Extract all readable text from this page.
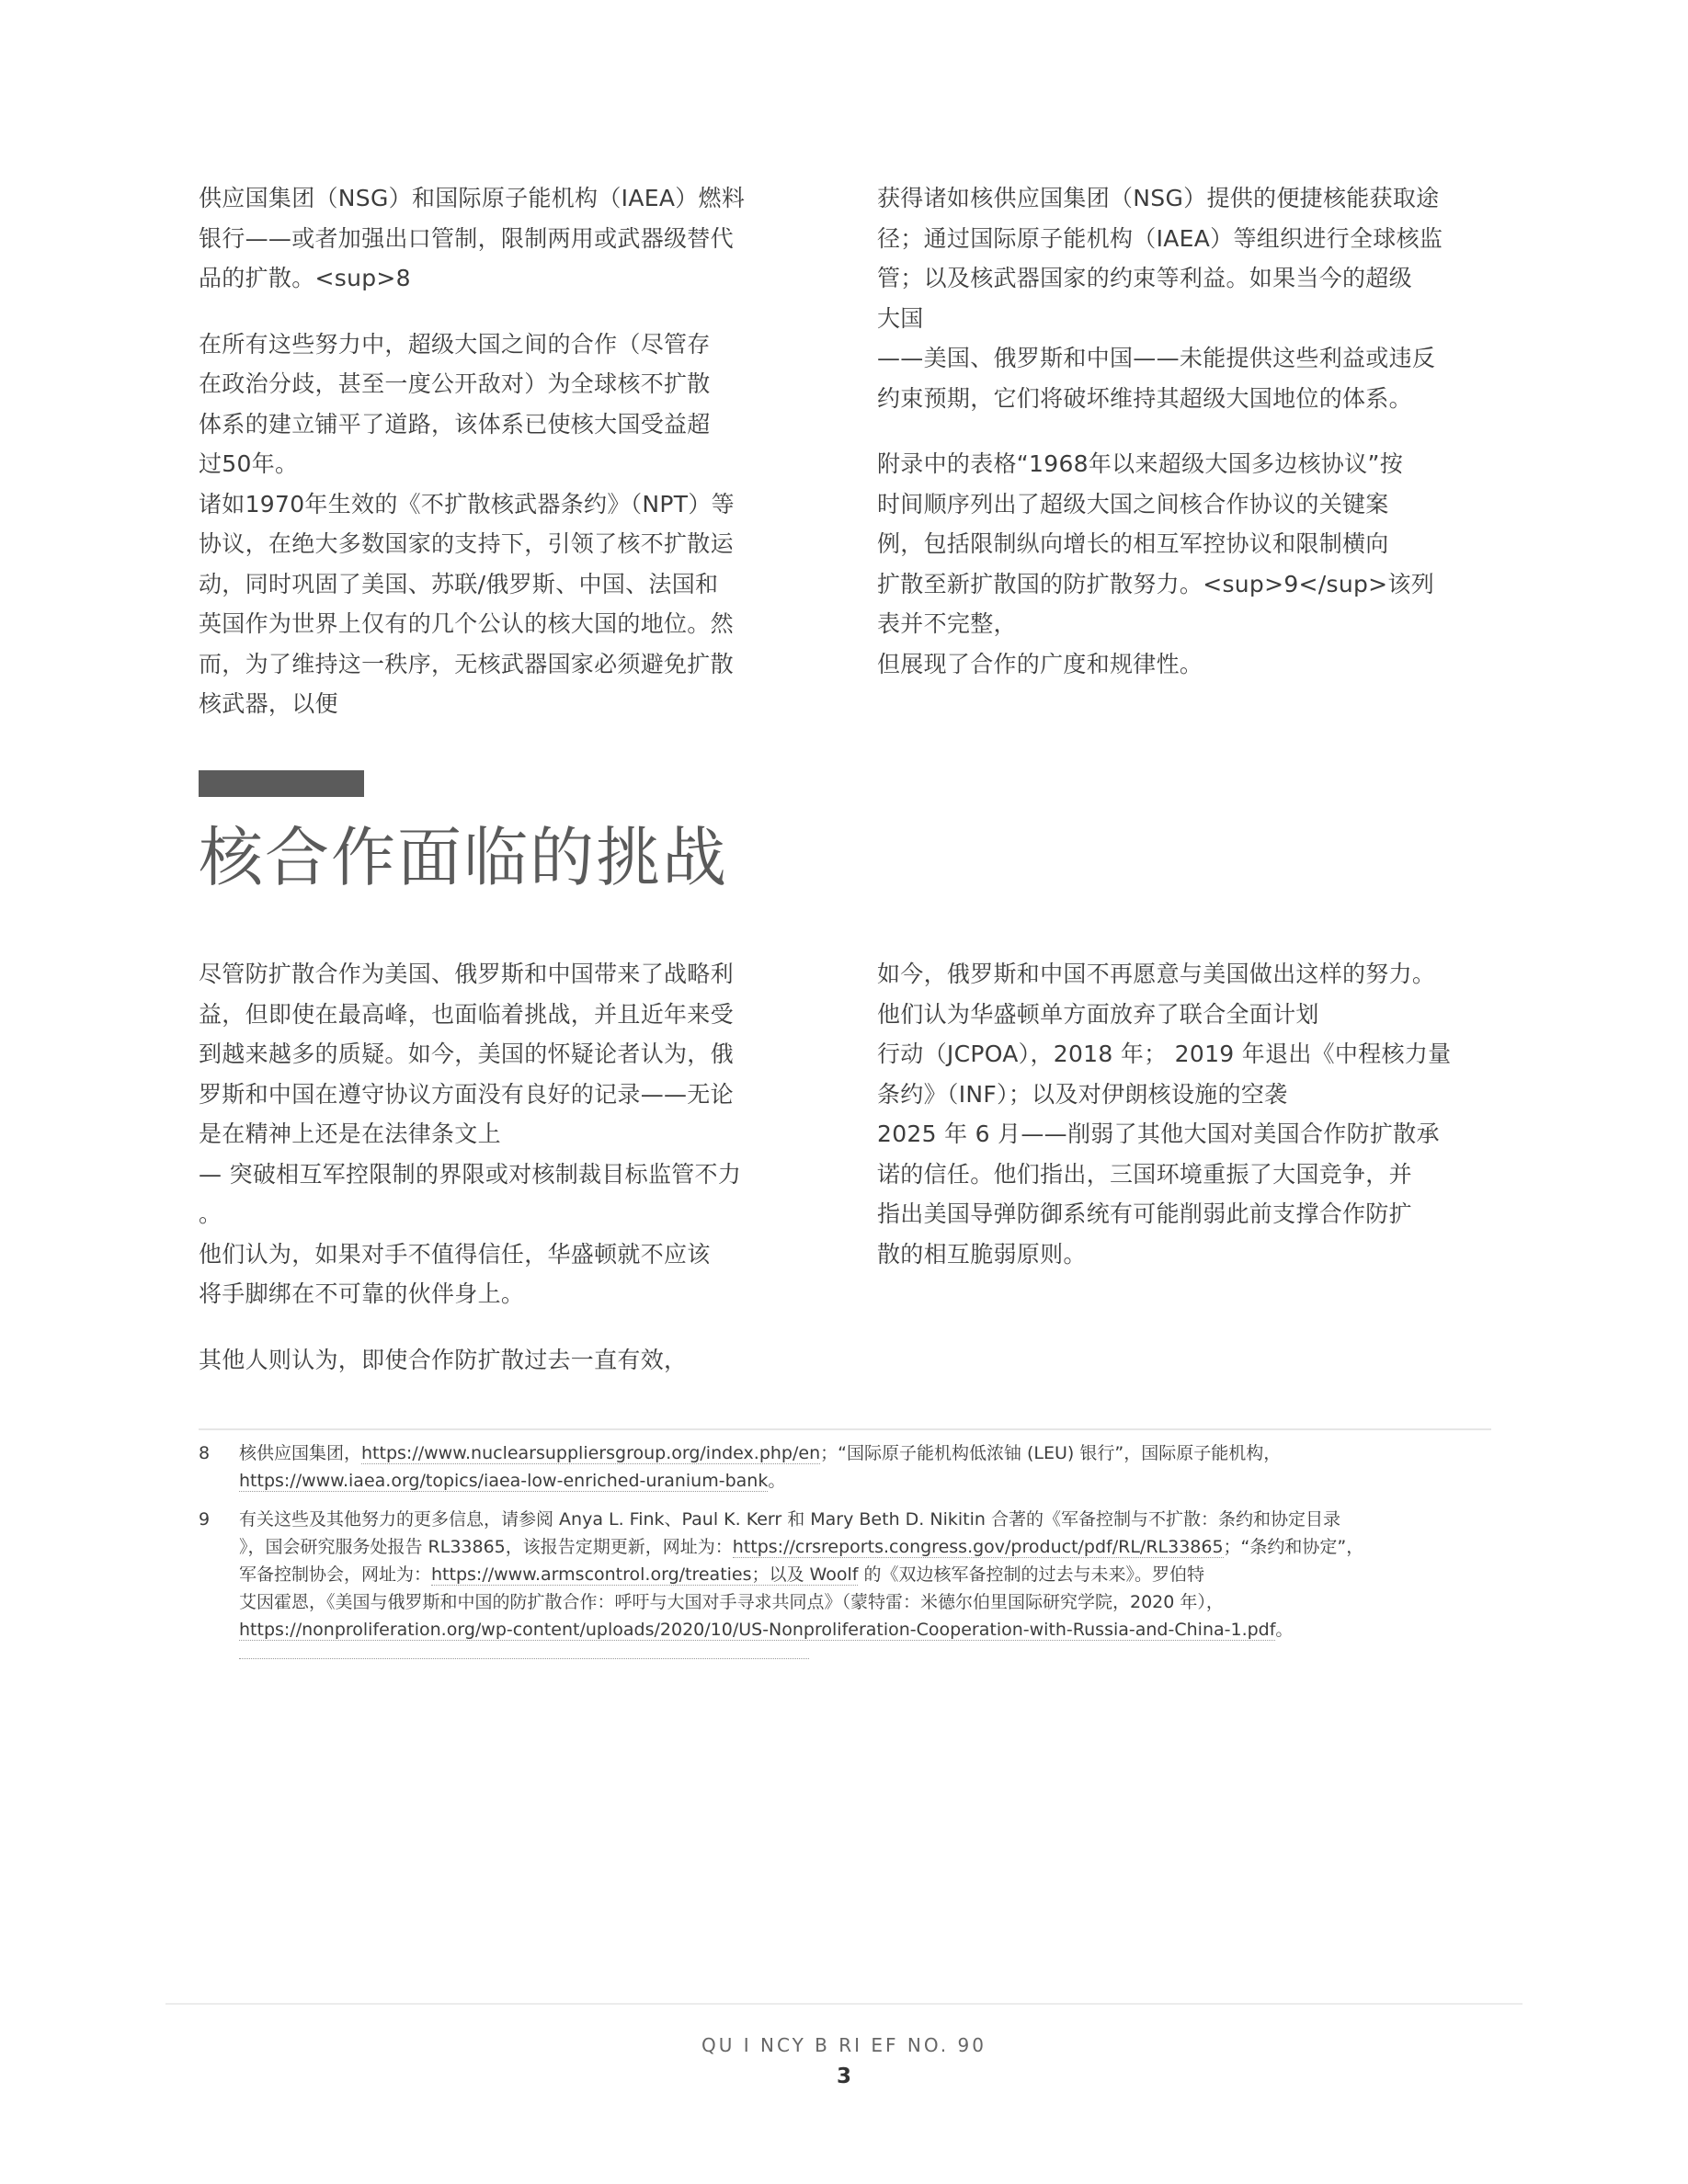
供应国集团（NSG）和国际原子能机构（IAEA）燃料
银行——或者加强出口管制，限制两用或武器级替代
品的扩散。<sup>8

在所有这些努力中，超级大国之间的合作（尽管存
在政治分歧，甚至一度公开敌对）为全球核不扩散
体系的建立铺平了道路，该体系已使核大国受益超
过50年。
诸如1970年生效的《不扩散核武器条约》（NPT）等
协议，在绝大多数国家的支持下，引领了核不扩散运
动，同时巩固了美国、苏联/俄罗斯、中国、法国和
英国作为世界上仅有的几个公认的核大国的地位。然
而，为了维持这一秩序，无核武器国家必须避免扩散
核武器，以便

获得诸如核供应国集团（NSG）提供的便捷核能获取途
径；通过国际原子能机构（IAEA）等组织进行全球核监
管；以及核武器国家的约束等利益。如果当今的超级
大国
——美国、俄罗斯和中国——未能提供这些利益或违反
约束预期，它们将破坏维持其超级大国地位的体系。

附录中的表格“1968年以来超级大国多边核协议”按
时间顺序列出了超级大国之间核合作协议的关键案
例，包括限制纵向增长的相互军控协议和限制横向
扩散至新扩散国的防扩散努力。<sup>9</sup>该列
表并不完整，
但展现了合作的广度和规律性。

核合作面临的挑战

尽管防扩散合作为美国、俄罗斯和中国带来了战略利
益，但即使在最高峰，也面临着挑战，并且近年来受
到越来越多的质疑。如今，美国的怀疑论者认为，俄
罗斯和中国在遵守协议方面没有良好的记录——无论
是在精神上还是在法律条文上
— 突破相互军控限制的界限或对核制裁目标监管不力
。
他们认为，如果对手不值得信任，华盛顿就不应该
将手脚绑在不可靠的伙伴身上。

其他人则认为，即使合作防扩散过去一直有效，

如今，俄罗斯和中国不再愿意与美国做出这样的努力。
他们认为华盛顿单方面放弃了联合全面计划
行动（JCPOA），2018 年； 2019 年退出《中程核力量
条约》（INF）；以及对伊朗核设施的空袭
2025 年 6 月——削弱了其他大国对美国合作防扩散承
诺的信任。他们指出，三国环境重振了大国竞争，并
指出美国导弹防御系统有可能削弱此前支撑合作防扩
散的相互脆弱原则。

8 核供应国集团，https://www.nuclearsuppliersgroup.org/index.php/en；“国际原子能机构低浓铀 (LEU) 银行”，国际原子能机构，
https://www.iaea.org/topics/iaea-low-enriched-uranium-bank。
9 有关这些及其他努力的更多信息，请参阅 Anya L. Fink、Paul K. Kerr 和 Mary Beth D. Nikitin 合著的《军备控制与不扩散：条约和协定目录
》，国会研究服务处报告 RL33865，该报告定期更新，网址为：https://crsreports.congress.gov/product/pdf/RL/RL33865；“条约和协定”，
军备控制协会，网址为：https://www.armscontrol.org/treaties；以及 Woolf 的《双边核军备控制的过去与未来》。罗伯特
艾因霍恩，《美国与俄罗斯和中国的防扩散合作：呼吁与大国对手寻求共同点》（蒙特雷：米德尔伯里国际研究学院，2020 年），
https://nonproliferation.org/wp-content/uploads/2020/10/US-Nonproliferation-Cooperation-with-Russia-and-China-1.pdf。
QU I NCY B RI EF NO. 90
3
